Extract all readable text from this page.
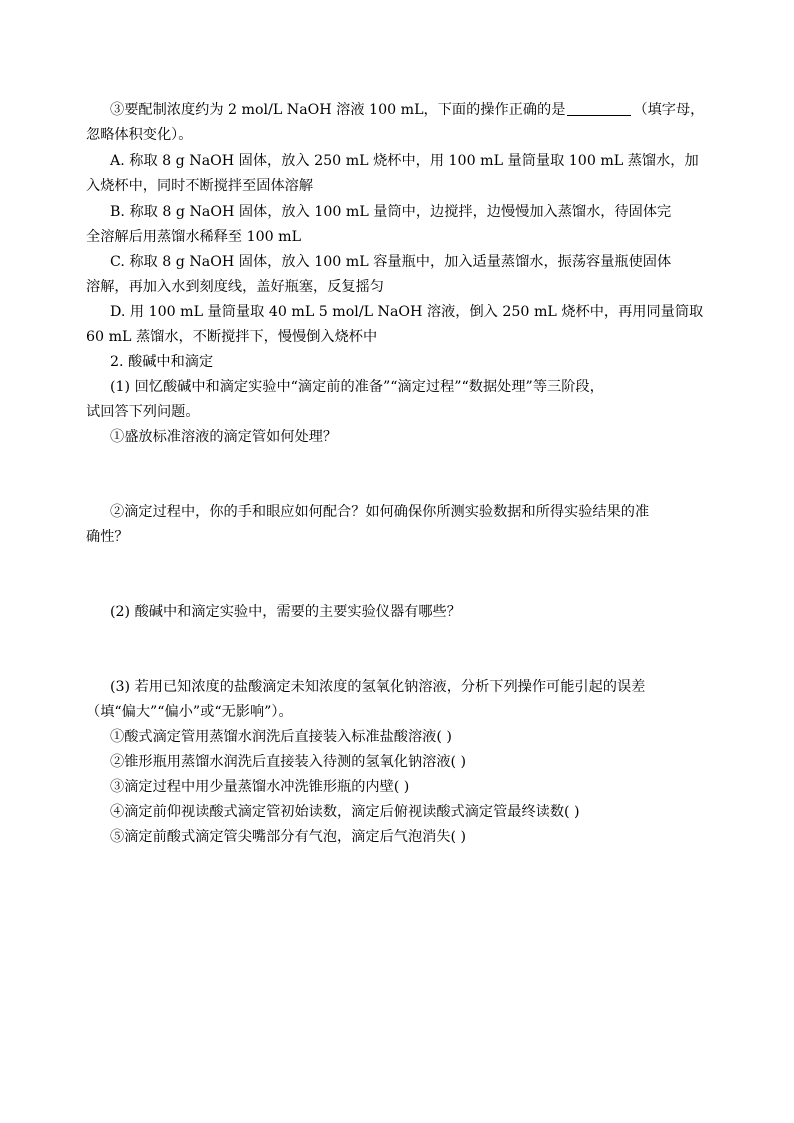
③要配制浓度约为 2 mol/L NaOH 溶液 100 mL，下面的操作正确的是	（填字母，
忽略体积变化）。
A. 称取 8 g NaOH 固体，放入 250 mL 烧杯中，用 100 mL 量筒量取 100 mL 蒸馏水，加
入烧杯中，同时不断搅拌至固体溶解
B. 称取 8 g NaOH 固体，放入 100 mL 量筒中，边搅拌，边慢慢加入蒸馏水，待固体完
全溶解后用蒸馏水稀释至 100 mL
C. 称取 8 g NaOH 固体，放入 100 mL 容量瓶中，加入适量蒸馏水，振荡容量瓶使固体
溶解，再加入水到刻度线，盖好瓶塞，反复摇匀
D. 用 100 mL 量筒量取 40 mL 5 mol/L NaOH 溶液，倒入 250 mL 烧杯中，再用同量筒取
60 mL 蒸馏水，不断搅拌下，慢慢倒入烧杯中
2. 酸碱中和滴定
(1) 回忆酸碱中和滴定实验中“滴定前的准备”“滴定过程”“数据处理”等三阶段，
试回答下列问题。
①盛放标准溶液的滴定管如何处理？
②滴定过程中，你的手和眼应如何配合？如何确保你所测实验数据和所得实验结果的准
确性？
(2) 酸碱中和滴定实验中，需要的主要实验仪器有哪些？
(3) 若用已知浓度的盐酸滴定未知浓度的氢氧化钠溶液，分析下列操作可能引起的误差
（填“偏大”“偏小”或“无影响”）。
①酸式滴定管用蒸馏水润洗后直接装入标准盐酸溶液( )
②锥形瓶用蒸馏水润洗后直接装入待测的氢氧化钠溶液( )
③滴定过程中用少量蒸馏水冲洗锥形瓶的内壁( )
④滴定前仰视读酸式滴定管初始读数，滴定后俯视读酸式滴定管最终读数( )
⑤滴定前酸式滴定管尖嘴部分有气泡，滴定后气泡消失( )
